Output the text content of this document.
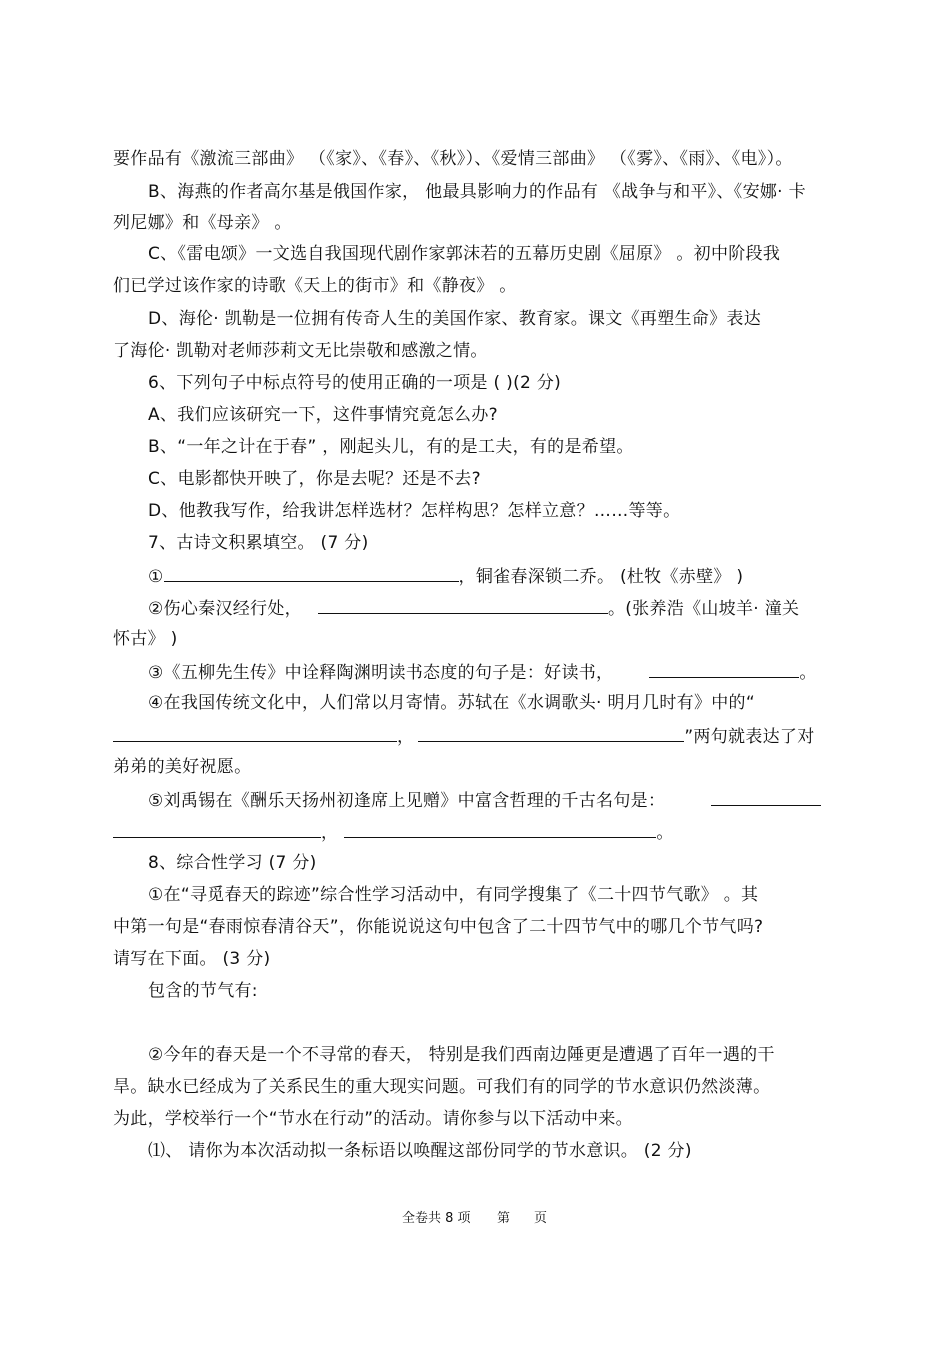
要作品有《激流三部曲》 （《家》、《春》、《秋》）、《爱情三部曲》 （《雾》、《雨》、《电》）。
B、海燕的作者高尔基是俄国作家， 他最具影响力的作品有 《战争与和平》、《安娜· 卡
列尼娜》和《母亲》 。
C、《雷电颂》一文选自我国现代剧作家郭沫若的五幕历史剧《屈原》 。初中阶段我
们已学过该作家的诗歌《天上的街市》和《静夜》 。
D、海伦· 凯勒是一位拥有传奇人生的美国作家、教育家。课文《再塑生命》表达
了海伦· 凯勒对老师莎莉文无比崇敬和感激之情。
6、下列句子中标点符号的使用正确的一项是 ( )(2 分)
A、我们应该研究一下，这件事情究竟怎么办?
B、“一年之计在于春” ，刚起头儿，有的是工夫，有的是希望。
C、电影都快开映了，你是去呢？还是不去?
D、他教我写作，给我讲怎样选材？怎样构思？怎样立意？……等等。
7、古诗文积累填空。 (7 分)
①	，铜雀春深锁二乔。 (杜牧《赤壁》 )
②伤心秦汉经行处，	。(张养浩《山坡羊· 潼关
怀古》 )
③《五柳先生传》中诠释陶渊明读书态度的句子是：好读书，	。
④在我国传统文化中，人们常以月寄情。苏轼在《水调歌头· 明月几时有》中的“
，	”两句就表达了对
弟弟的美好祝愿。
⑤刘禹锡在《酬乐天扬州初逢席上见赠》中富含哲理的千古名句是：
，	。
8、综合性学习 (7 分)
①在“寻觅春天的踪迹”综合性学习活动中，有同学搜集了《二十四节气歌》 。其
中第一句是“春雨惊春清谷天”，你能说说这句中包含了二十四节气中的哪几个节气吗?
请写在下面。 (3 分)
包含的节气有:
②今年的春天是一个不寻常的春天， 特别是我们西南边陲更是遭遇了百年一遇的干
旱。缺水已经成为了关系民生的重大现实问题。可我们有的同学的节水意识仍然淡薄。
为此，学校举行一个“节水在行动”的活动。请你参与以下活动中来。
⑴、 请你为本次活动拟一条标语以唤醒这部份同学的节水意识。 (2 分)
全卷共 8 项 第 页
